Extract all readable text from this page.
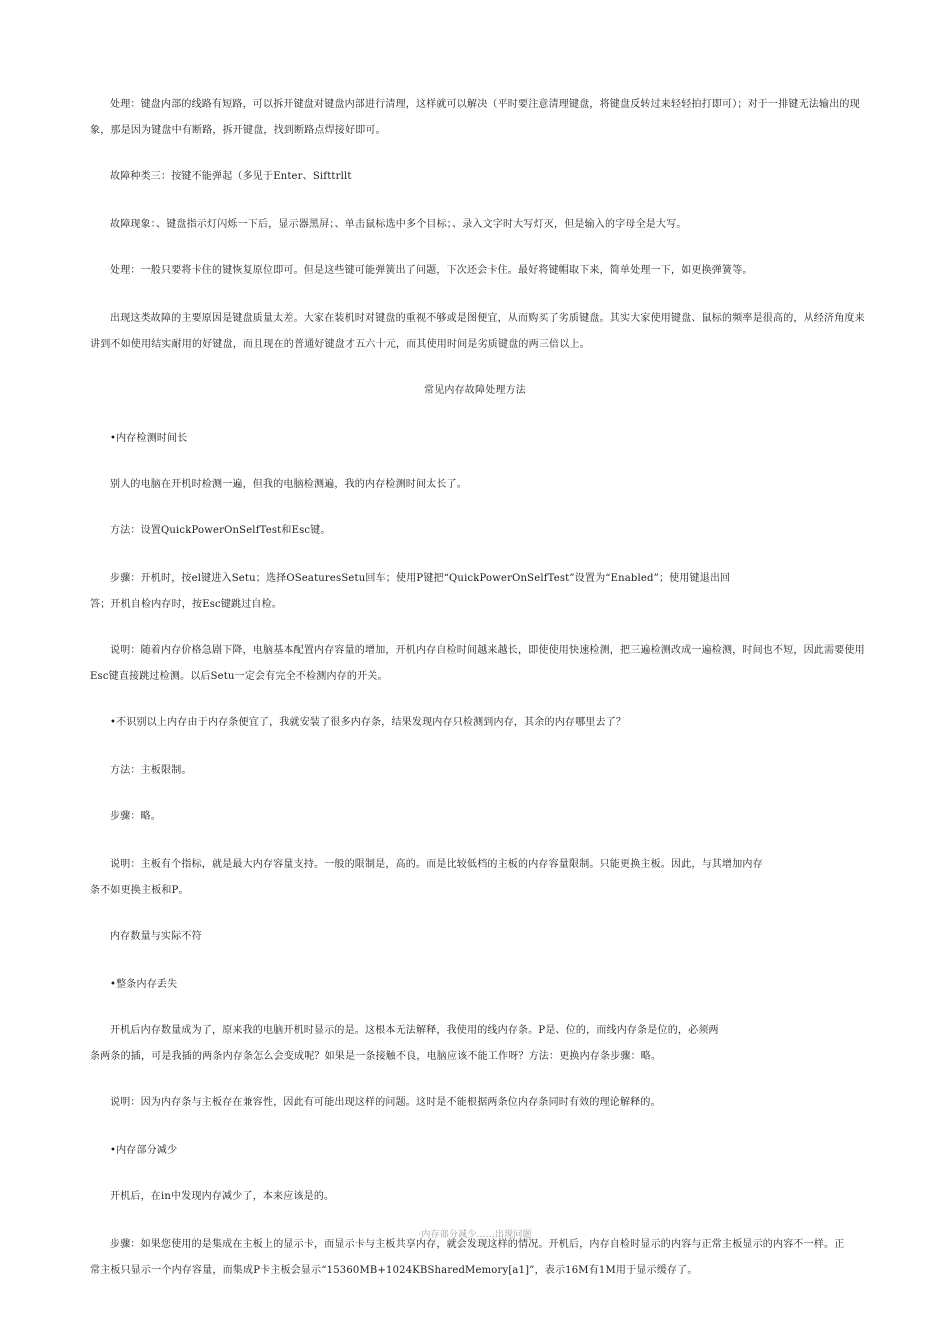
处理：键盘内部的线路有短路，可以拆开键盘对键盘内部进行清理，这样就可以解决（平时要注意清理键盘，将键盘反转过来轻轻拍打即可）；对于一排键无法输出的现
象，那是因为键盘中有断路，拆开键盘，找到断路点焊接好即可。
故障种类三：按键不能弹起（多见于Enter、Sifttrllt
故障现象：、键盘指示灯闪烁一下后，显示器黑屏；、单击鼠标选中多个目标；、录入文字时大写灯灭，但是输入的字母全是大写。
处理：一般只要将卡住的键恢复原位即可。但是这些键可能弹簧出了问题，下次还会卡住。最好将键帽取下来，简单处理一下，如更换弹簧等。
出现这类故障的主要原因是键盘质量太差。大家在装机时对键盘的重视不够或是图便宜，从而购买了劣质键盘。其实大家使用键盘、鼠标的频率是很高的，从经济角度来
讲到不如使用结实耐用的好键盘，而且现在的普通好键盘才五六十元，而其使用时间是劣质键盘的两三倍以上。
常见内存故障处理方法
•内存检测时间长
别人的电脑在开机时检测一遍，但我的电脑检测遍，我的内存检测时间太长了。
方法：设置QuickPowerOnSelfTest和Esc键。
步骤：开机时，按el键进入Setu；选择OSeaturesSetu回车；使用P键把“QuickPowerOnSelfTest”设置为“Enabled”；使用键退出回
答；开机自检内存时，按Esc键跳过自检。
说明：随着内存价格急剧下降，电脑基本配置内存容量的增加，开机内存自检时间越来越长，即使使用快速检测，把三遍检测改成一遍检测，时间也不短，因此需要使用
Esc键直接跳过检测。以后Setu一定会有完全不检测内存的开关。
•不识别以上内存由于内存条便宜了，我就安装了很多内存条，结果发现内存只检测到内存，其余的内存哪里去了？
方法：主板限制。
步骤：略。
说明：主板有个指标，就是最大内存容量支持。一般的限制是，高的。而是比较低档的主板的内存容量限制。只能更换主板。因此，与其增加内存
条不如更换主板和P。
内存数量与实际不符
•整条内存丢失
开机后内存数量成为了，原来我的电脑开机时显示的是。这根本无法解释，我使用的线内存条。P是、位的，而线内存条是位的，必须两
条两条的插，可是我插的两条内存条怎么会变成呢？如果是一条接触不良，电脑应该不能工作呀？方法：更换内存条步骤：略。
说明：因为内存条与主板存在兼容性，因此有可能出现这样的问题。这时是不能根据两条位内存条同时有效的理论解释的。
•内存部分减少
开机后，在in中发现内存减少了，本来应该是的。
·内存部分减少……出现问题
步骤：如果您使用的是集成在主板上的显示卡，而显示卡与主板共享内存，就会发现这样的情况。开机后，内存自检时显示的内容与正常主板显示的内容不一样。正
常主板只显示一个内存容量，而集成P卡主板会显示“15360MB+1024KBSharedMemory[a1]”，表示16M有1M用于显示缓存了。
